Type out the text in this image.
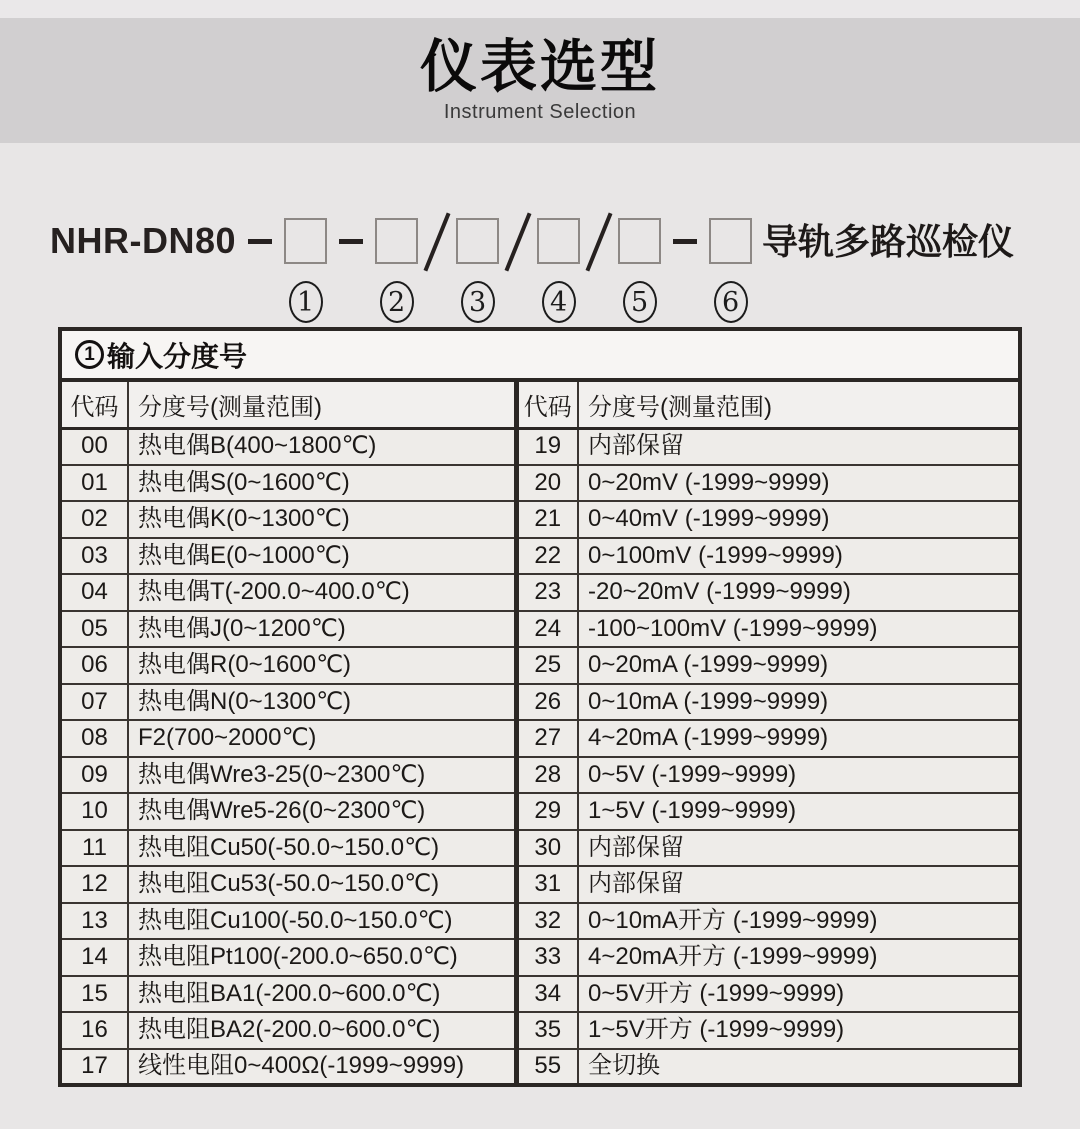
仪表选型
Instrument Selection
NHR-DN80
1	2	3	4	5	6
导轨多路巡检仪
1 输入分度号			

代码	分度号(测量范围)	代码	分度号(测量范围)
00	热电偶B(400~1800℃)	19	内部保留
01	热电偶S(0~1600℃)	20	0~20mV (-1999~9999)
02	热电偶K(0~1300℃)	21	0~40mV (-1999~9999)
03	热电偶E(0~1000℃)	22	0~100mV (-1999~9999)
04	热电偶T(-200.0~400.0℃)	23	-20~20mV (-1999~9999)
05	热电偶J(0~1200℃)	24	-100~100mV (-1999~9999)
06	热电偶R(0~1600℃)	25	0~20mA (-1999~9999)
07	热电偶N(0~1300℃)	26	0~10mA (-1999~9999)
08	F2(700~2000℃)	27	4~20mA (-1999~9999)
09	热电偶Wre3-25(0~2300℃)	28	0~5V (-1999~9999)
10	热电偶Wre5-26(0~2300℃)	29	1~5V (-1999~9999)
11	热电阻Cu50(-50.0~150.0℃)	30	内部保留
12	热电阻Cu53(-50.0~150.0℃)	31	内部保留
13	热电阻Cu100(-50.0~150.0℃)	32	0~10mA开方 (-1999~9999)
14	热电阻Pt100(-200.0~650.0℃)	33	4~20mA开方 (-1999~9999)
15	热电阻BA1(-200.0~600.0℃)	34	0~5V开方 (-1999~9999)
16	热电阻BA2(-200.0~600.0℃)	35	1~5V开方 (-1999~9999)
17	线性电阻0~400Ω(-1999~9999)	55	全切换
